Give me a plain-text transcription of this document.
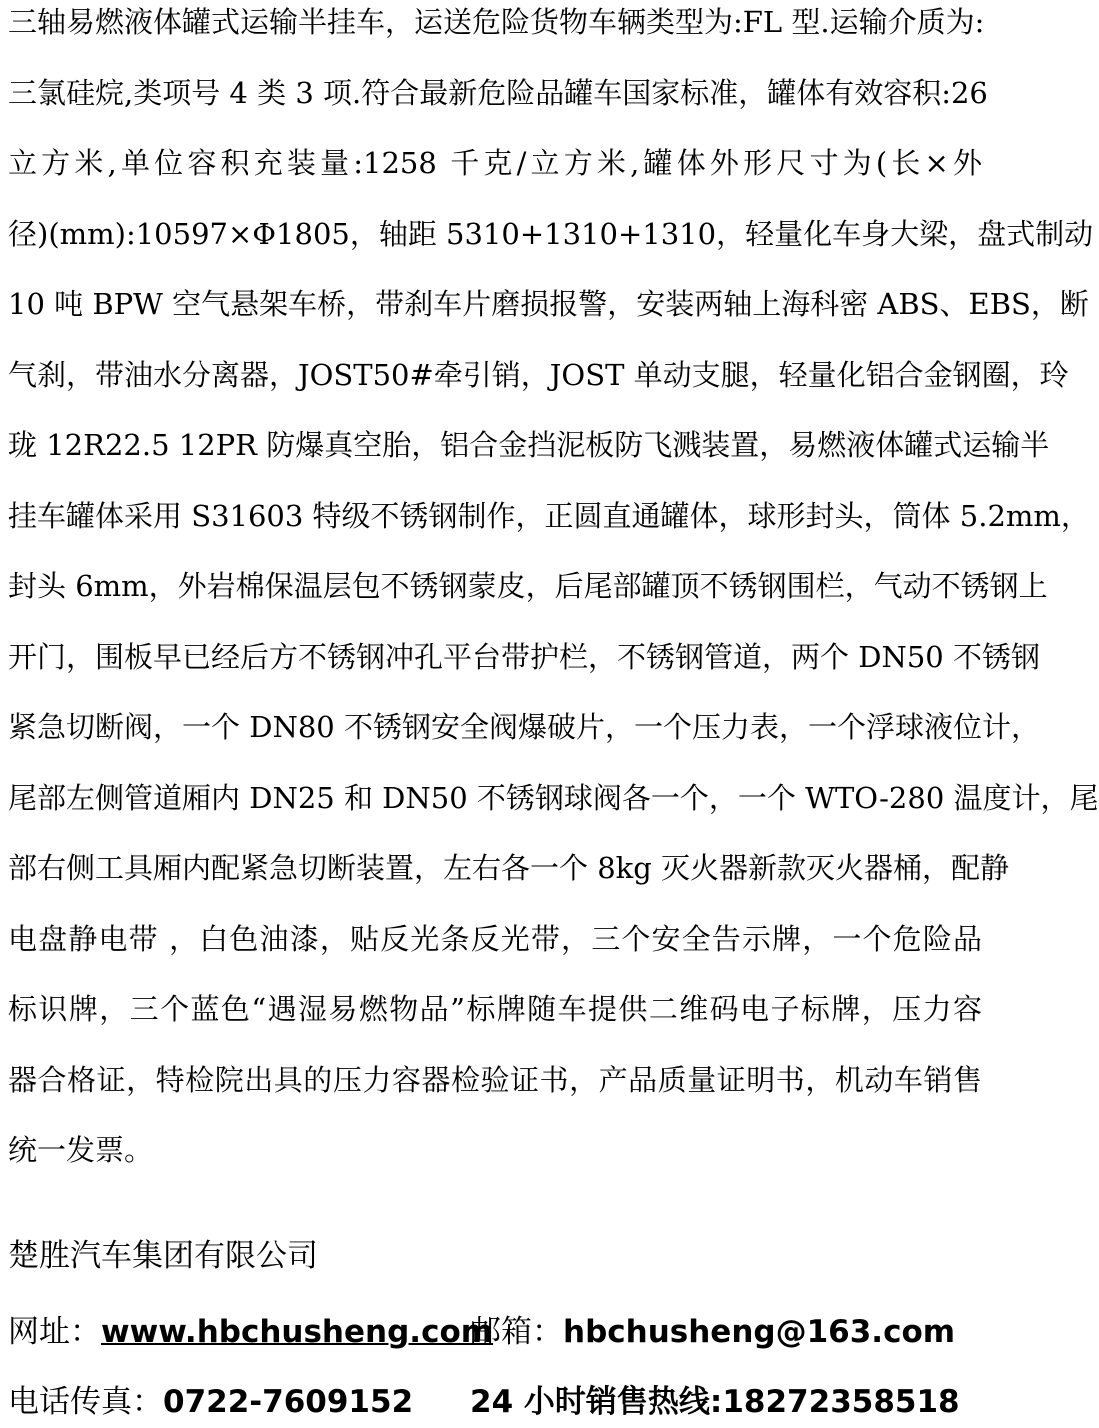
三轴易燃液体罐式运输半挂车，运送危险货物车辆类型为:FL 型.运输介质为:
三氯硅烷,类项号 4 类 3 项.符合最新危险品罐车国家标准，罐体有效容积:26
立方米,单位容积充装量:1258 千克/立方米,罐体外形尺寸为(长×外
径)(mm):10597×Φ1805，轴距 5310+1310+1310，轻量化车身大梁，盘式制动
10 吨 BPW 空气悬架车桥，带刹车片磨损报警，安装两轴上海科密 ABS、EBS，断
气刹，带油水分离器，JOST50#牵引销，JOST 单动支腿，轻量化铝合金钢圈，玲
珑 12R22.5 12PR 防爆真空胎，铝合金挡泥板防飞溅装置，易燃液体罐式运输半
挂车罐体采用 S31603 特级不锈钢制作，正圆直通罐体，球形封头，筒体 5.2mm，
封头 6mm，外岩棉保温层包不锈钢蒙皮，后尾部罐顶不锈钢围栏，气动不锈钢上
开门，围板早已经后方不锈钢冲孔平台带护栏，不锈钢管道，两个 DN50 不锈钢
紧急切断阀，一个 DN80 不锈钢安全阀爆破片，一个压力表，一个浮球液位计，
尾部左侧管道厢内 DN25 和 DN50 不锈钢球阀各一个，一个 WTO-280 温度计，尾
部右侧工具厢内配紧急切断装置，左右各一个 8kg 灭火器新款灭火器桶，配静
电盘静电带 ，白色油漆，贴反光条反光带，三个安全告示牌，一个危险品
标识牌，三个蓝色“遇湿易燃物品”标牌随车提供二维码电子标牌，压力容
器合格证，特检院出具的压力容器检验证书，产品质量证明书，机动车销售
统一发票。
楚胜汽车集团有限公司
网址：www.hbchusheng.com
邮箱：hbchusheng@163.com
电话传真：0722-7609152 24 小时销售热线:18272358518
